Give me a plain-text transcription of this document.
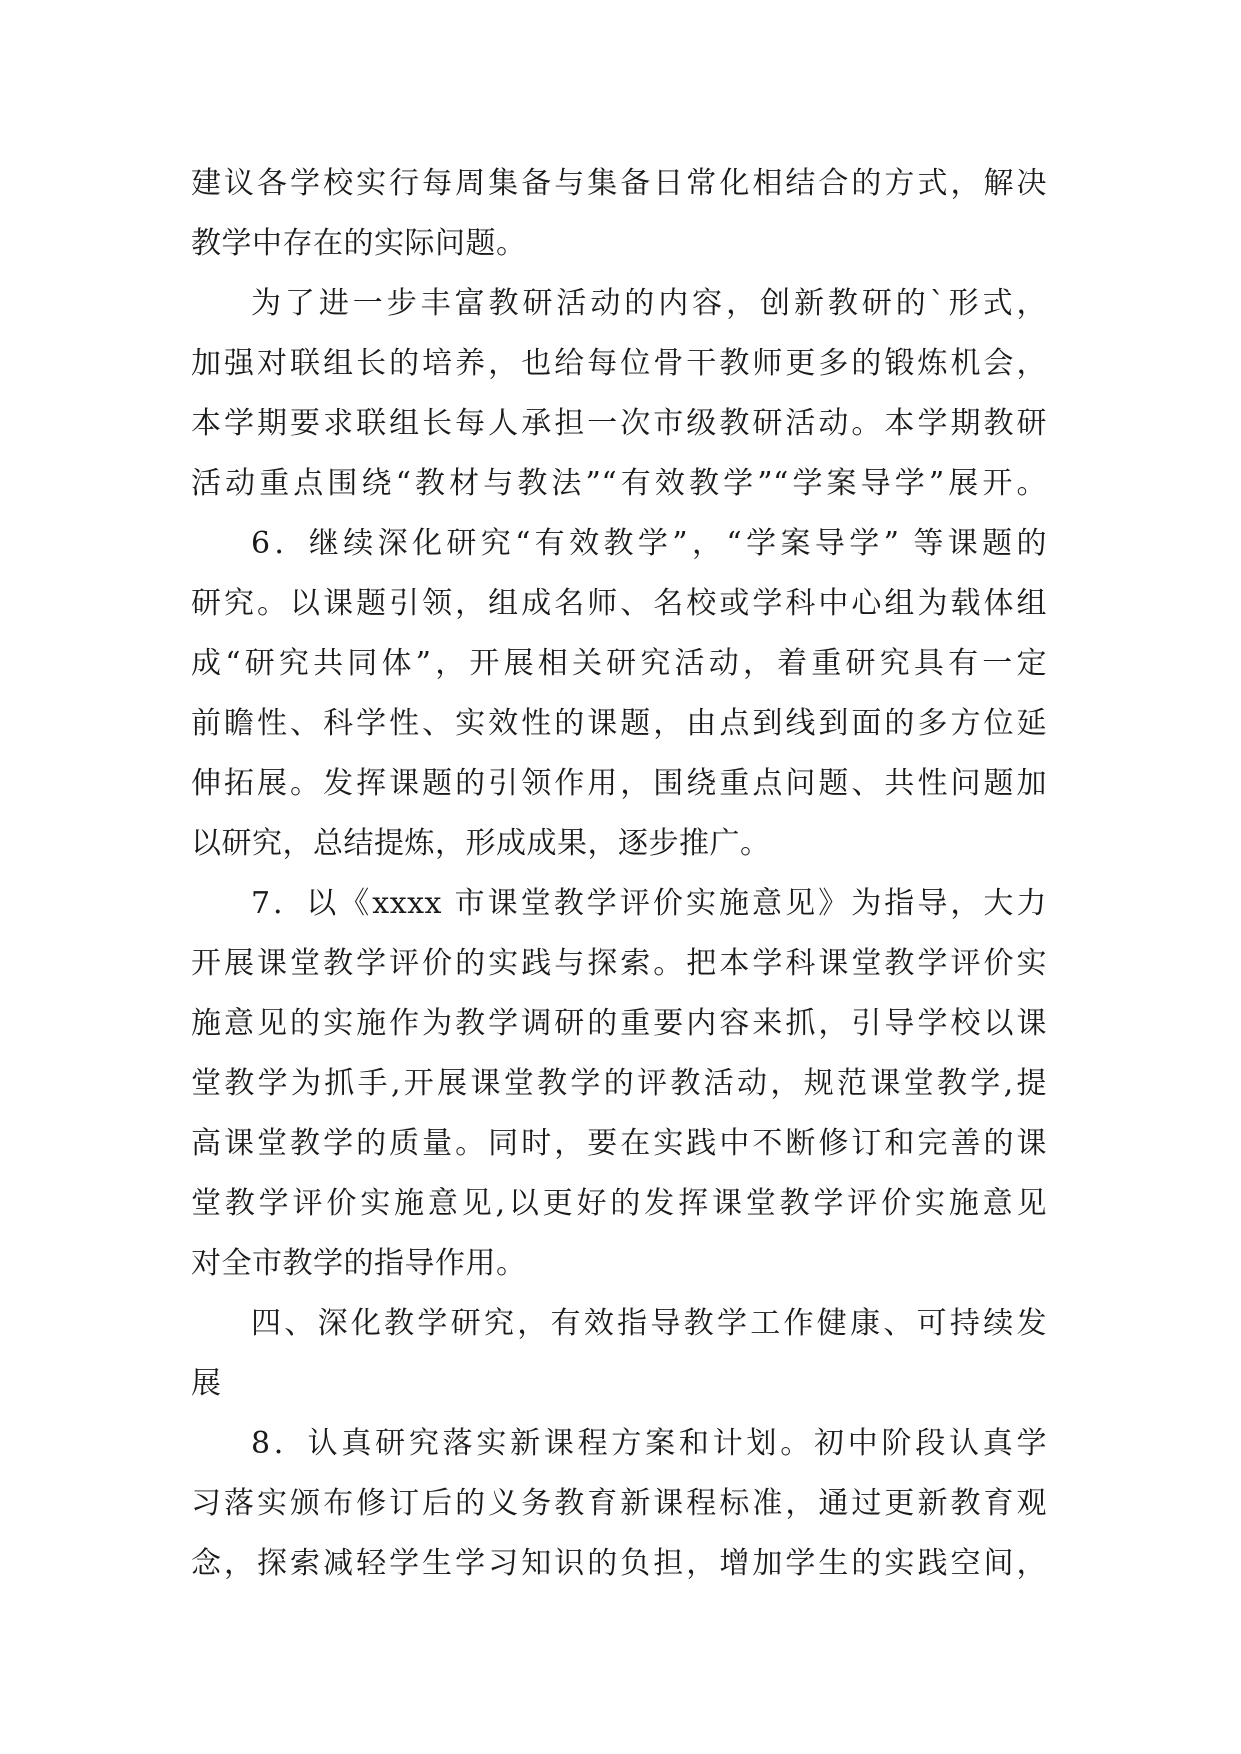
建议各学校实行每周集备与集备日常化相结合的方式，解决
教学中存在的实际问题。
为了进一步丰富教研活动的内容，创新教研的`形式，
加强对联组长的培养，也给每位骨干教师更多的锻炼机会，
本学期要求联组长每人承担一次市级教研活动。本学期教研
活动重点围绕“教材与教法”“有效教学”“学案导学”展开。
6．继续深化研究“有效教学”，“学案导学” 等课题的
研究。以课题引领，组成名师、名校或学科中心组为载体组
成“研究共同体”，开展相关研究活动，着重研究具有一定
前瞻性、科学性、实效性的课题，由点到线到面的多方位延
伸拓展。发挥课题的引领作用，围绕重点问题、共性问题加
以研究，总结提炼，形成成果，逐步推广。
7．以《xxxx 市课堂教学评价实施意见》为指导，大力
开展课堂教学评价的实践与探索。把本学科课堂教学评价实
施意见的实施作为教学调研的重要内容来抓，引导学校以课
堂教学为抓手,开展课堂教学的评教活动，规范课堂教学,提
高课堂教学的质量。同时，要在实践中不断修订和完善的课
堂教学评价实施意见,以更好的发挥课堂教学评价实施意见
对全市教学的指导作用。
四、深化教学研究，有效指导教学工作健康、可持续发
展
8．认真研究落实新课程方案和计划。初中阶段认真学
习落实颁布修订后的义务教育新课程标准，通过更新教育观
念，探索减轻学生学习知识的负担，增加学生的实践空间，
